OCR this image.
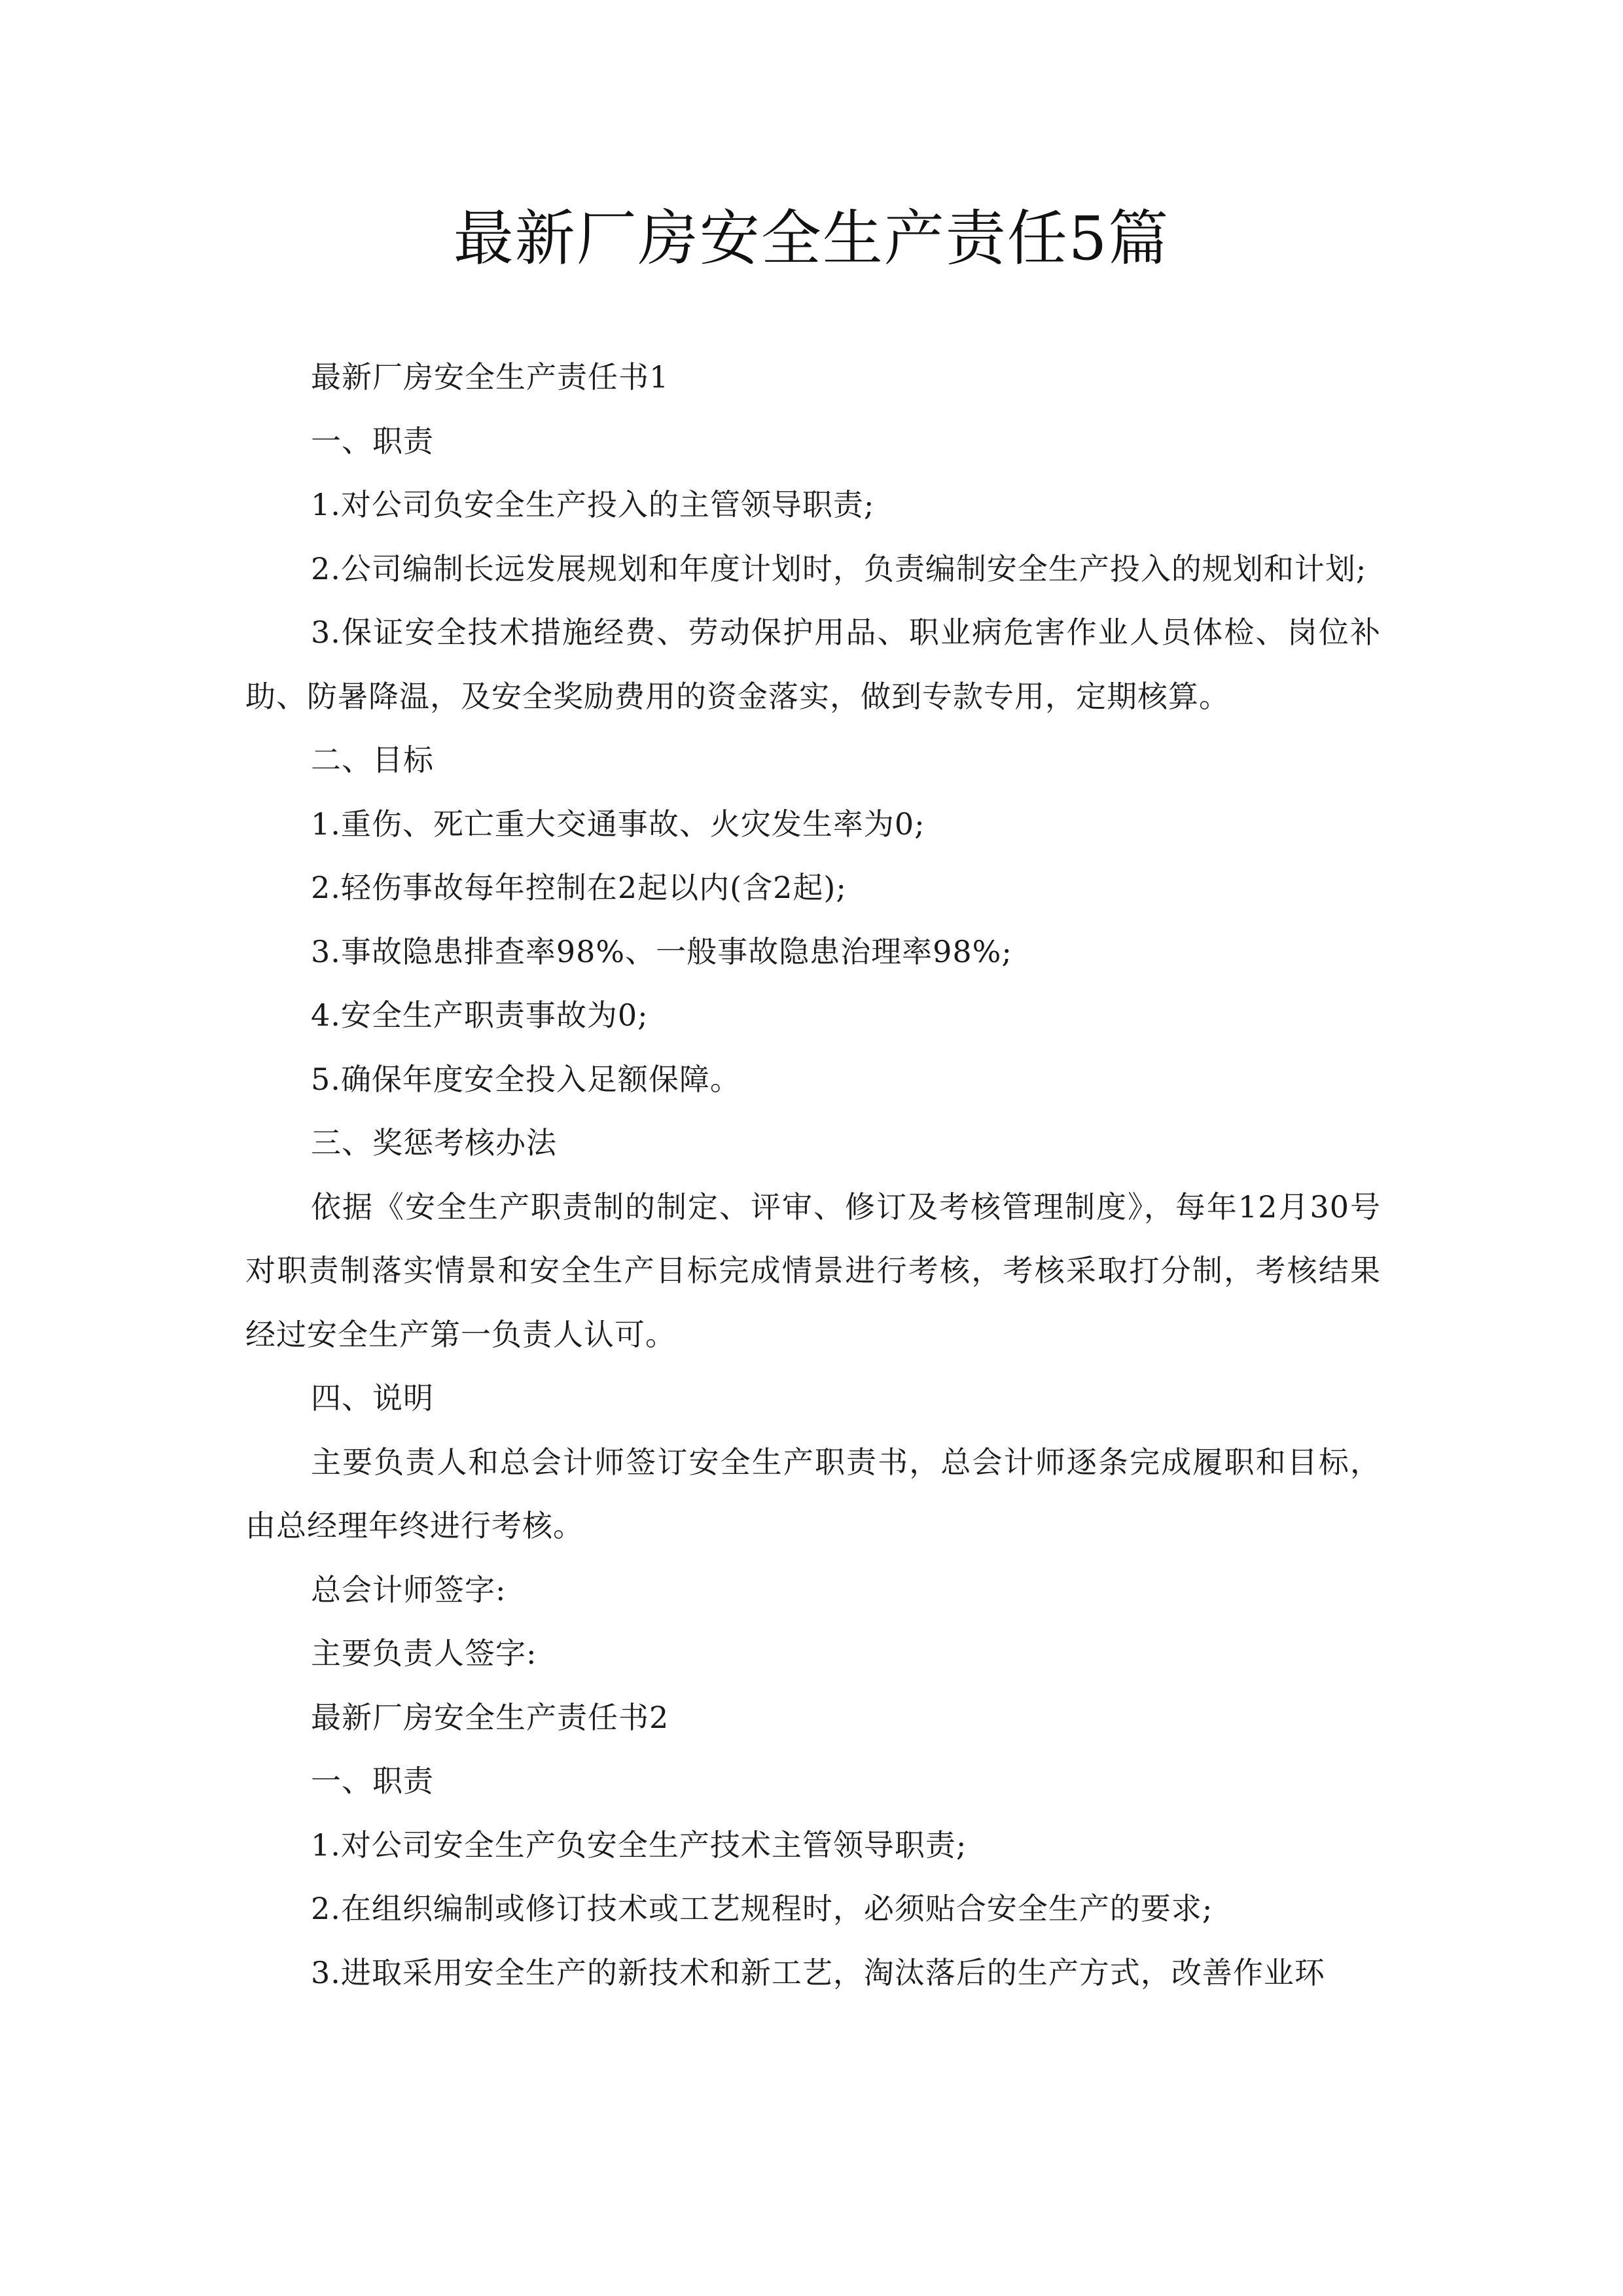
最新厂房安全生产责任5篇

最新厂房安全生产责任书1

一、职责

1.对公司负安全生产投入的主管领导职责;

2.公司编制长远发展规划和年度计划时，负责编制安全生产投入的规划和计划;

3.保证安全技术措施经费、劳动保护用品、职业病危害作业人员体检、岗位补助、防暑降温，及安全奖励费用的资金落实，做到专款专用，定期核算。

二、目标

1.重伤、死亡重大交通事故、火灾发生率为0;

2.轻伤事故每年控制在2起以内(含2起);

3.事故隐患排查率98%、一般事故隐患治理率98%;

4.安全生产职责事故为0;

5.确保年度安全投入足额保障。

三、奖惩考核办法

依据《安全生产职责制的制定、评审、修订及考核管理制度》，每年12月30号对职责制落实情景和安全生产目标完成情景进行考核，考核采取打分制，考核结果经过安全生产第一负责人认可。

四、说明

主要负责人和总会计师签订安全生产职责书，总会计师逐条完成履职和目标，由总经理年终进行考核。

总会计师签字:

主要负责人签字:

最新厂房安全生产责任书2

一、职责

1.对公司安全生产负安全生产技术主管领导职责;

2.在组织编制或修订技术或工艺规程时，必须贴合安全生产的要求;

3.进取采用安全生产的新技术和新工艺，淘汰落后的生产方式，改善作业环
